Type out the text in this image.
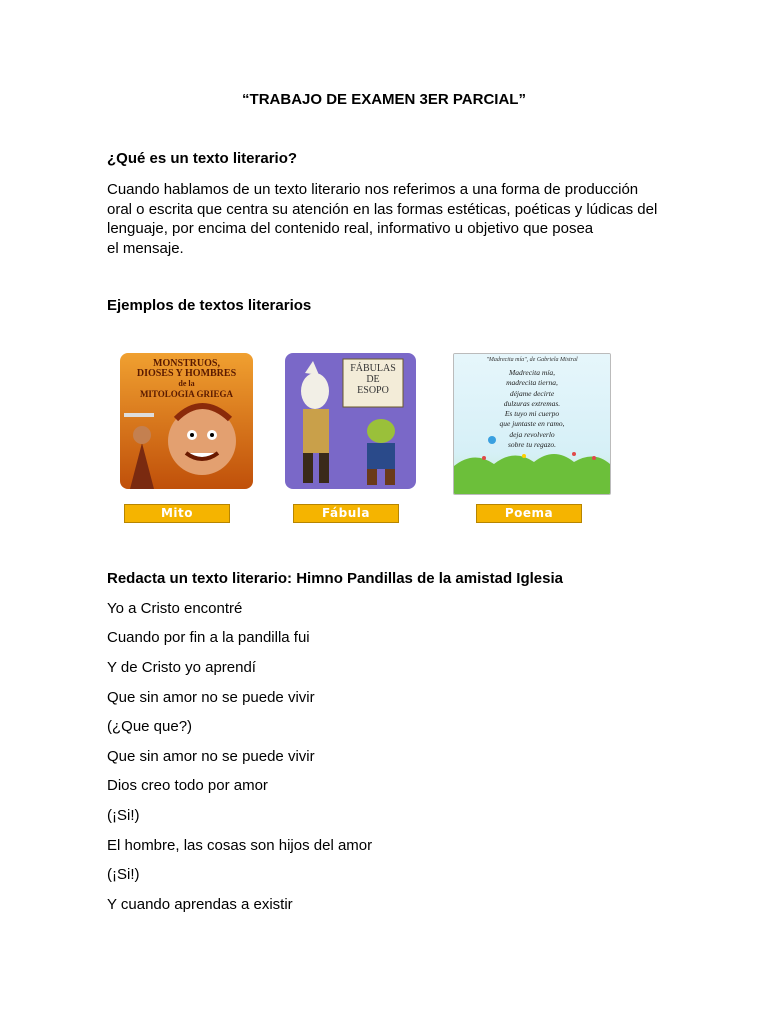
“TRABAJO DE EXAMEN 3ER PARCIAL”
¿Qué es un texto literario?
Cuando hablamos de un texto literario nos referimos a una forma de producción
oral o escrita que centra su atención en las formas estéticas, poéticas y lúdicas del
lenguaje, por encima del contenido real, informativo u objetivo que posea
el mensaje.
Ejemplos de textos literarios
MONSTRUOS,
DIOSES Y HOMBRES
de la
MITOLOGIA GRIEGA
Mito
FÁBULAS
DE
ESOPO
Fábula
"Madrecita mía", de Gabriela Mistral
Madrecita mía,
madrecita tierna,
déjame decirte
dulzuras extremas.
Es tuyo mi cuerpo
que juntaste en ramo,
deja revolverlo
sobre tu regazo.
Poema
Redacta un texto literario: Himno Pandillas de la amistad Iglesia
Yo a Cristo encontré
Cuando por fin a la pandilla fui
Y de Cristo yo aprendí
Que sin amor no se puede vivir
(¿Que que?)
Que sin amor no se puede vivir
Dios creo todo por amor
(¡Si!)
El hombre, las cosas son hijos del amor
(¡Si!)
Y cuando aprendas a existir
